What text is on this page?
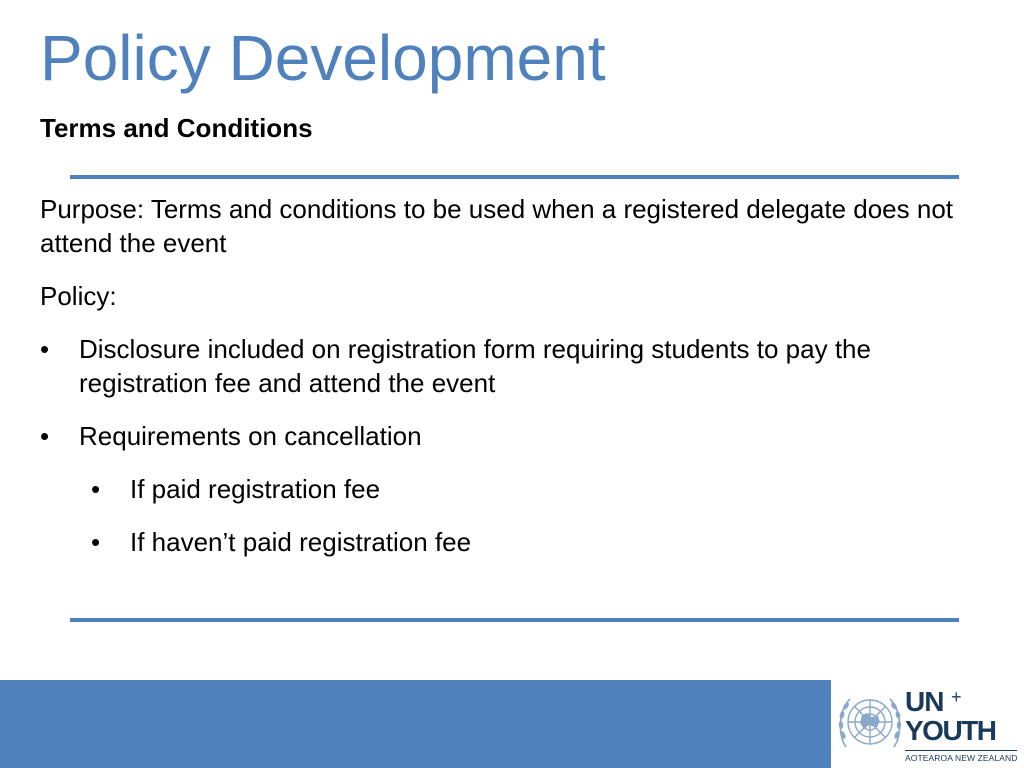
Policy Development
Terms and Conditions

Purpose: Terms and conditions to be used when a registered delegate does not attend the event

Policy:

• Disclosure included on registration form requiring students to pay the registration fee and attend the event
• Requirements on cancellation
• If paid registration fee
• If haven’t paid registration fee
UN +
YOUTH
AOTEAROA NEW ZEALAND
